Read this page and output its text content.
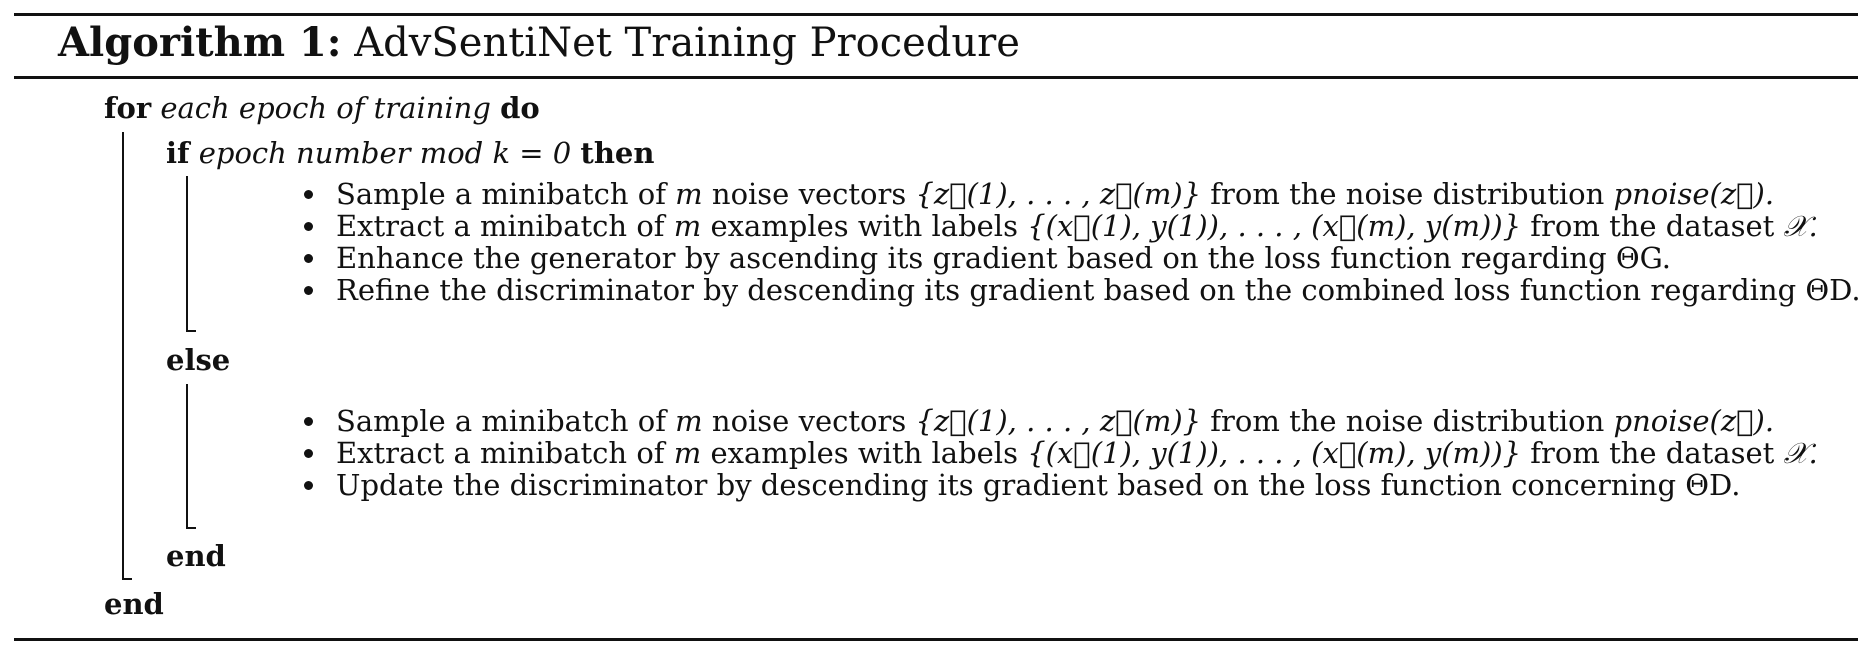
Algorithm 1: AdvSentiNet Training Procedure
for each epoch of training do
if epoch number mod k = 0 then
Sample a minibatch of m noise vectors {z⃗(1), . . . , z⃗(m)} from the noise distribution pnoise(z⃗).
Extract a minibatch of m examples with labels {(x⃗(1), y(1)), . . . , (x⃗(m), y(m))} from the dataset 𝒳.
Enhance the generator by ascending its gradient based on the loss function regarding ΘG.
Refine the discriminator by descending its gradient based on the combined loss function regarding ΘD.
else
Sample a minibatch of m noise vectors {z⃗(1), . . . , z⃗(m)} from the noise distribution pnoise(z⃗).
Extract a minibatch of m examples with labels {(x⃗(1), y(1)), . . . , (x⃗(m), y(m))} from the dataset 𝒳.
Update the discriminator by descending its gradient based on the loss function concerning ΘD.
end
end
